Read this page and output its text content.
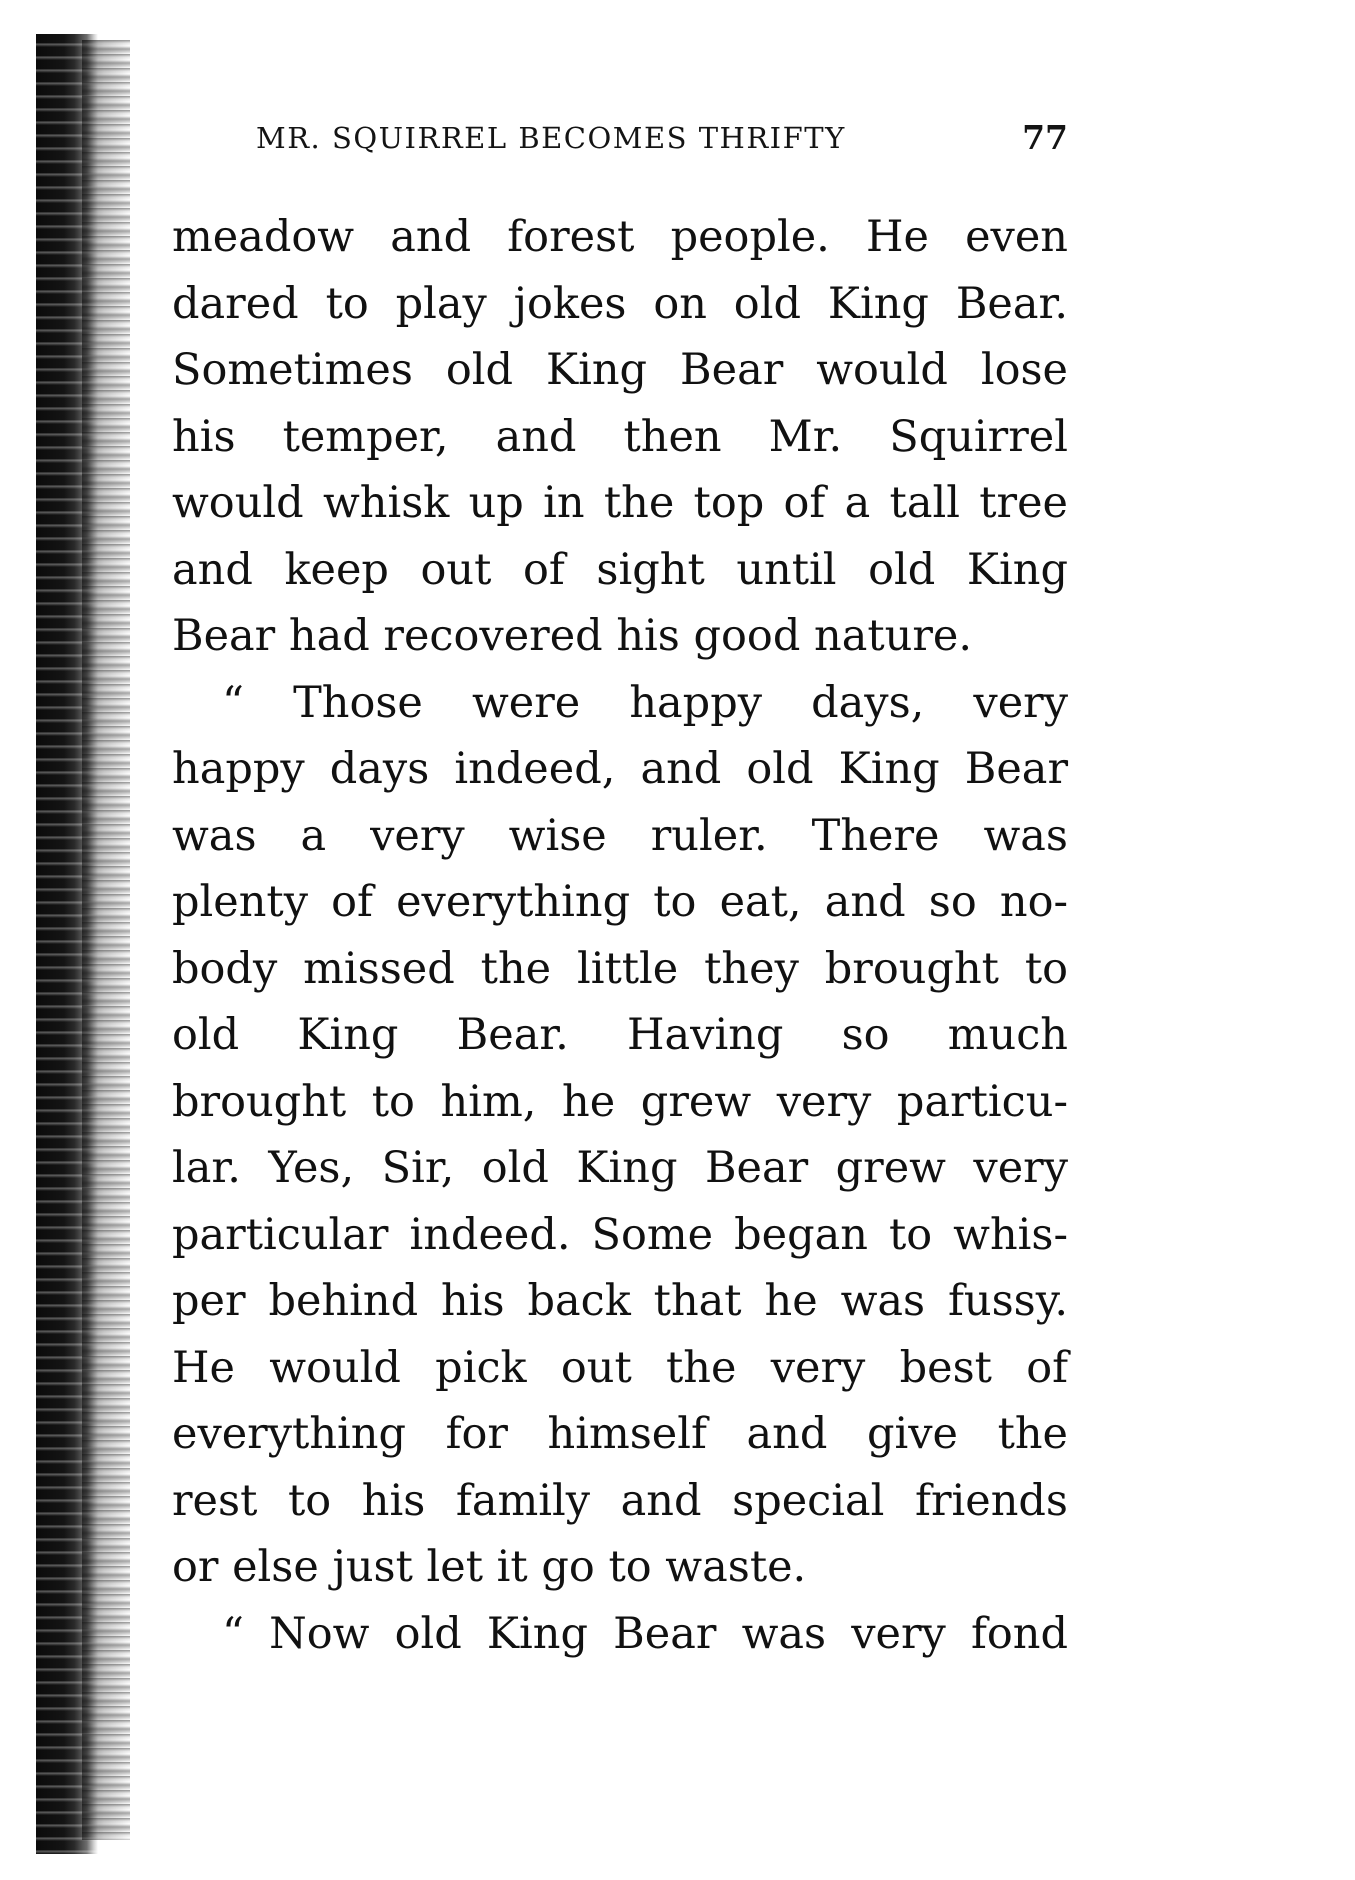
MR. SQUIRREL BECOMES THRIFTY	77
meadow and forest people. He even
dared to play jokes on old King Bear.
Sometimes old King Bear would lose
his temper, and then Mr. Squirrel
would whisk up in the top of a tall tree
and keep out of sight until old King
Bear had recovered his good nature.
“ Those were happy days, very
happy days indeed, and old King Bear
was a very wise ruler. There was
plenty of everything to eat, and so no-
body missed the little they brought to
old King Bear. Having so much
brought to him, he grew very particu-
lar. Yes, Sir, old King Bear grew very
particular indeed. Some began to whis-
per behind his back that he was fussy.
He would pick out the very best of
everything for himself and give the
rest to his family and special friends
or else just let it go to waste.
“ Now old King Bear was very fond
